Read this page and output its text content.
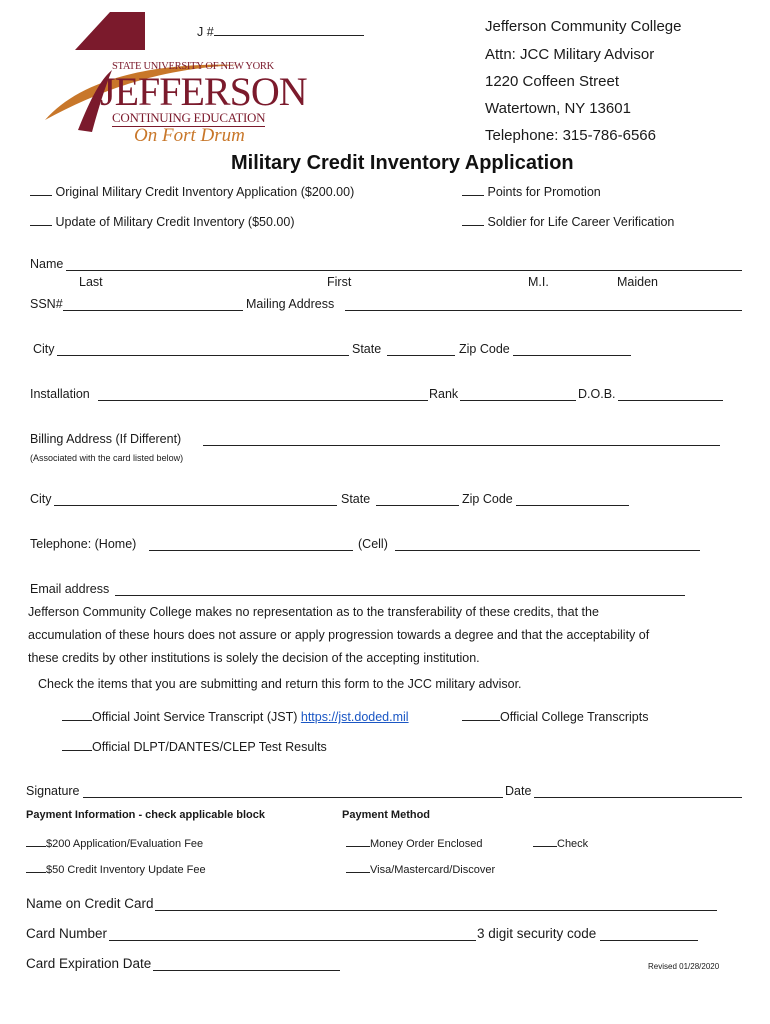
STATE UNIVERSITY OF NEW YORK
JEFFERSON
CONTINUING EDUCATION
On Fort Drum
J #	Jefferson Community College
Attn: JCC Military Advisor
1220 Coffeen Street
Watertown, NY 13601
Telephone: 315-786-6566
Military Credit Inventory Application
Original Military Credit Inventory Application ($200.00)	Points for Promotion
Update of Military Credit Inventory ($50.00)	Soldier for Life Career Verification
Name
Last	First	M.I.	Maiden
SSN#	Mailing Address
City	State	Zip Code
Installation	Rank	D.O.B.
Billing Address (If Different)
(Associated with the card listed below)
City	State	Zip Code
Telephone: (Home)	(Cell)
Email address
Jefferson Community College makes no representation as to the transferability of these credits, that the
accumulation of these hours does not assure or apply progression towards a degree and that the acceptability of
these credits by other institutions is solely the decision of the accepting institution.
Check the items that you are submitting and return this form to the JCC military advisor.
Official Joint Service Transcript (JST) https://jst.doded.mil	Official College Transcripts
Official DLPT/DANTES/CLEP Test Results
Signature	Date
Payment Information - check applicable block	Payment Method
$200 Application/Evaluation Fee	Money Order Enclosed	Check
$50 Credit Inventory Update Fee	Visa/Mastercard/Discover
Name on Credit Card
Card Number	3 digit security code
Card Expiration Date	Revised 01/28/2020
